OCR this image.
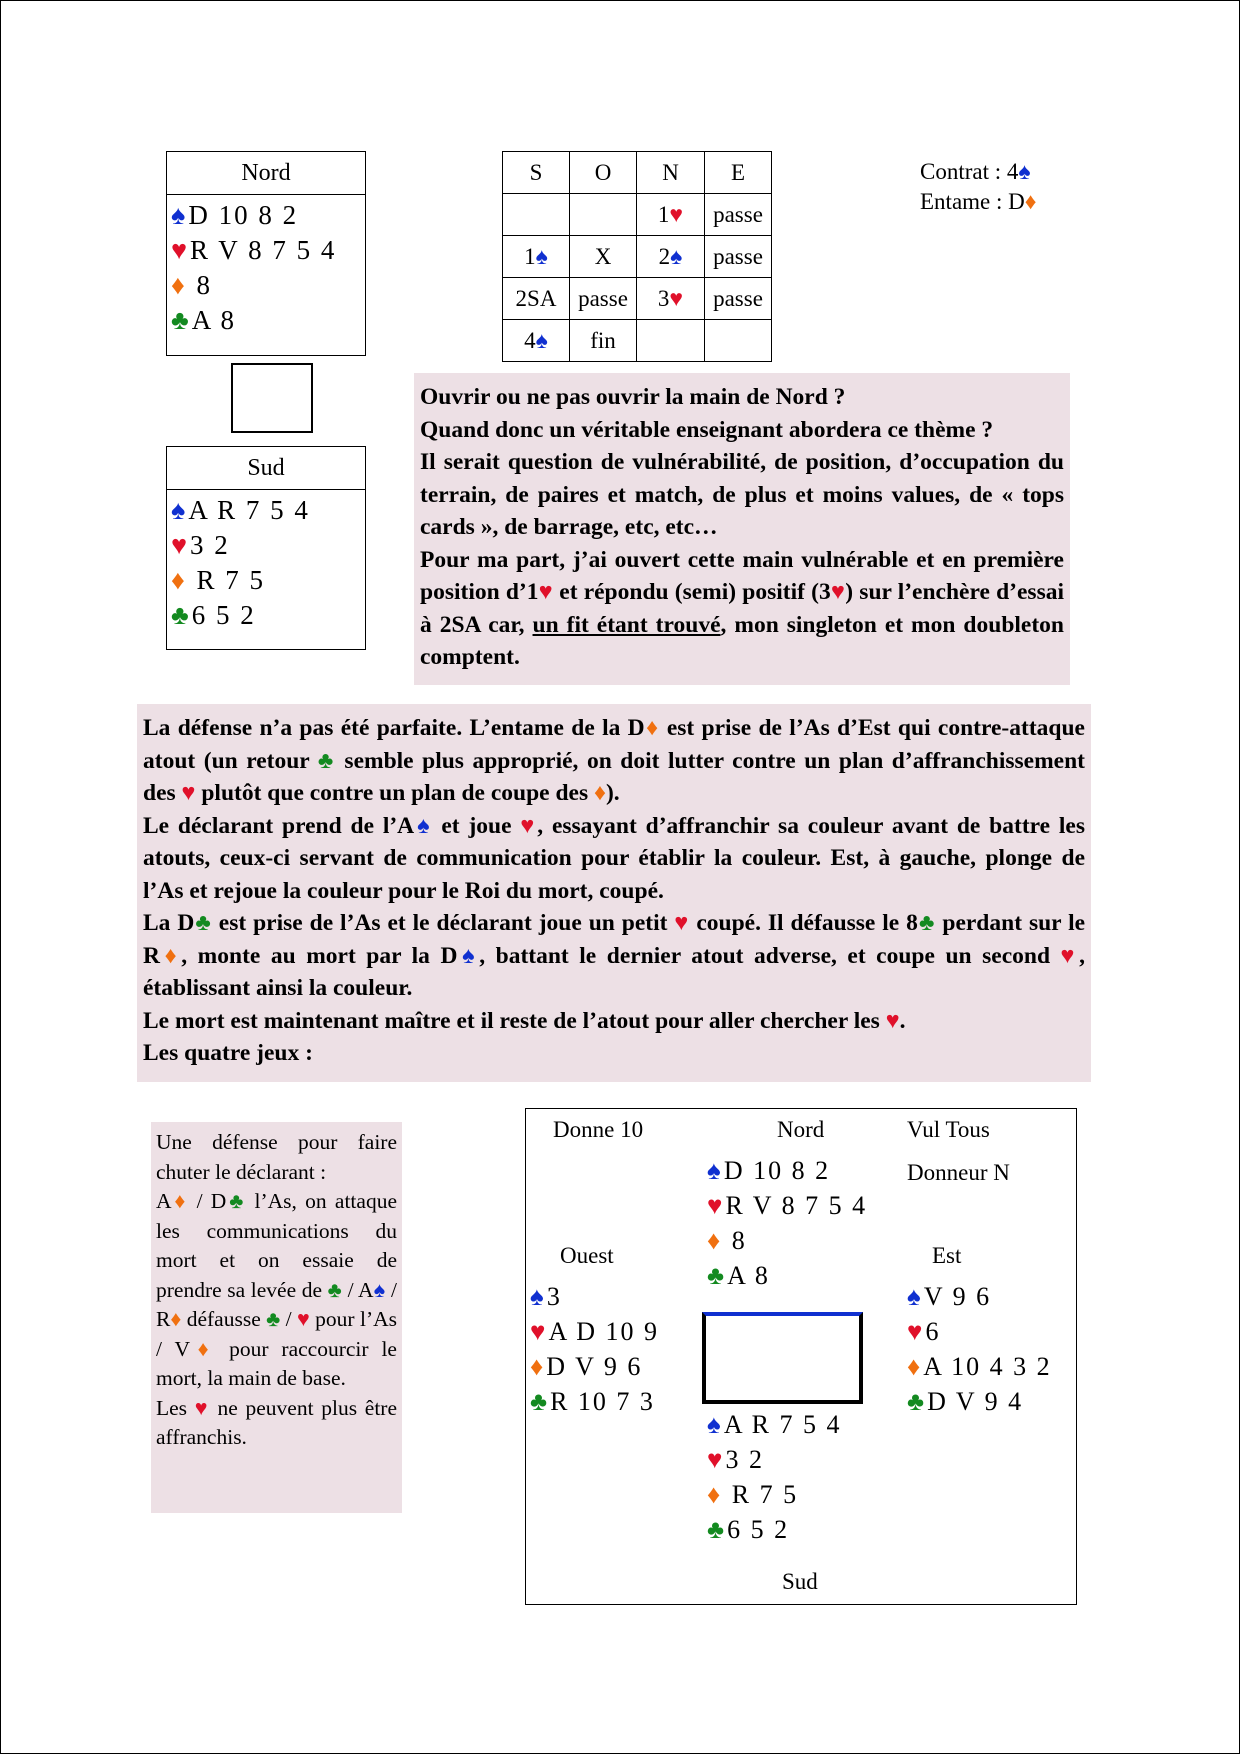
Nord
♠ D 10 8 2
♥ R V 8 7 5 4
♦ 8
♣ A 8
Sud
♠ A R 7 5 4
♥ 3 2
♦ R 7 5
♣ 6 5 2
S	O	N	E
		1♥	passe
1♠	X	2♠	passe
2SA	passe	3♥	passe
4♠	fin		
Contrat : 4♠
Entame : D♦

Ouvrir ou ne pas ouvrir la main de Nord ?

Quand donc un véritable enseignant abordera ce thème ?

Il serait question de vulnérabilité, de position, d’occupation du terrain, de paires et match, de plus et moins values, de « tops cards », de barrage, etc, etc…

Pour ma part, j’ai ouvert cette main vulnérable et en première position d’1♥ et répondu (semi) positif (3♥) sur l’enchère d’essai à 2SA car, un fit étant trouvé, mon singleton et mon doubleton comptent.

La défense n’a pas été parfaite. L’entame de la D♦ est prise de l’As d’Est qui contre-attaque atout (un retour ♣ semble plus approprié, on doit lutter contre un plan d’affranchissement des ♥ plutôt que contre un plan de coupe des ♦).

Le déclarant prend de l’A♠ et joue ♥, essayant d’affranchir sa couleur avant de battre les atouts, ceux-ci servant de communication pour établir la couleur. Est, à gauche, plonge de l’As et rejoue la couleur pour le Roi du mort, coupé.

La D♣ est prise de l’As et le déclarant joue un petit ♥ coupé. Il défausse le 8♣ perdant sur le R♦, monte au mort par la D♠, battant le dernier atout adverse, et coupe un second ♥, établissant ainsi la couleur.

Le mort est maintenant maître et il reste de l’atout pour aller chercher les ♥.

Les quatre jeux :

Une défense pour faire chuter le déclarant :

A♦ / D♣ l’As, on attaque les communications du mort et on essaie de prendre sa levée de ♣ / A♠ / R♦ défausse ♣ / ♥ pour l’As / V♦ pour raccourcir le mort, la main de base.

Les ♥ ne peuvent plus être affranchis.

Donne 10	Nord	Vul Tous
Donneur N
Ouest	Est
Sud
♠ D 10 8 2
♥ R V 8 7 5 4
♦ 8
♣ A 8
♠ 3
♥ A D 10 9
♦ D V 9 6
♣ R 10 7 3
♠ V 9 6
♥ 6
♦ A 10 4 3 2
♣ D V 9 4
♠ A R 7 5 4
♥ 3 2
♦ R 7 5
♣ 6 5 2
